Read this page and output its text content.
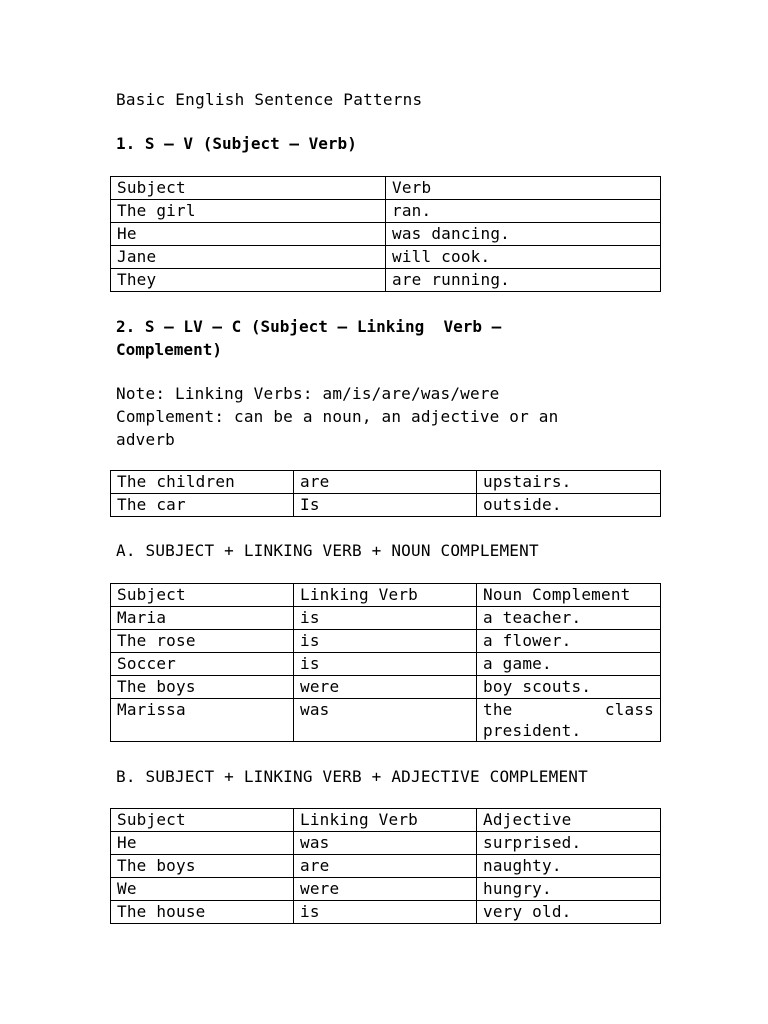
Basic English Sentence Patterns
1. S – V (Subject – Verb)
Subject	Verb
The girl	ran.
He	was dancing.
Jane	will cook.
They	are running.
2. S – LV – C (Subject – Linking  Verb –
Complement)

Note: Linking Verbs: am/is/are/was/were

Complement: can be a noun, an adjective or an

adverb

The children	are	upstairs.
The car	Is	outside.

A. SUBJECT + LINKING VERB + NOUN COMPLEMENT

Subject	Linking Verb	Noun Complement
Maria	is	a teacher.
The rose	is	a flower.
Soccer	is	a game.
The boys	were	boy scouts.
Marissa	was	the class
president.

B. SUBJECT + LINKING VERB + ADJECTIVE COMPLEMENT

Subject	Linking Verb	Adjective
He	was	surprised.
The boys	are	naughty.
We	were	hungry.
The house	is	very old.
